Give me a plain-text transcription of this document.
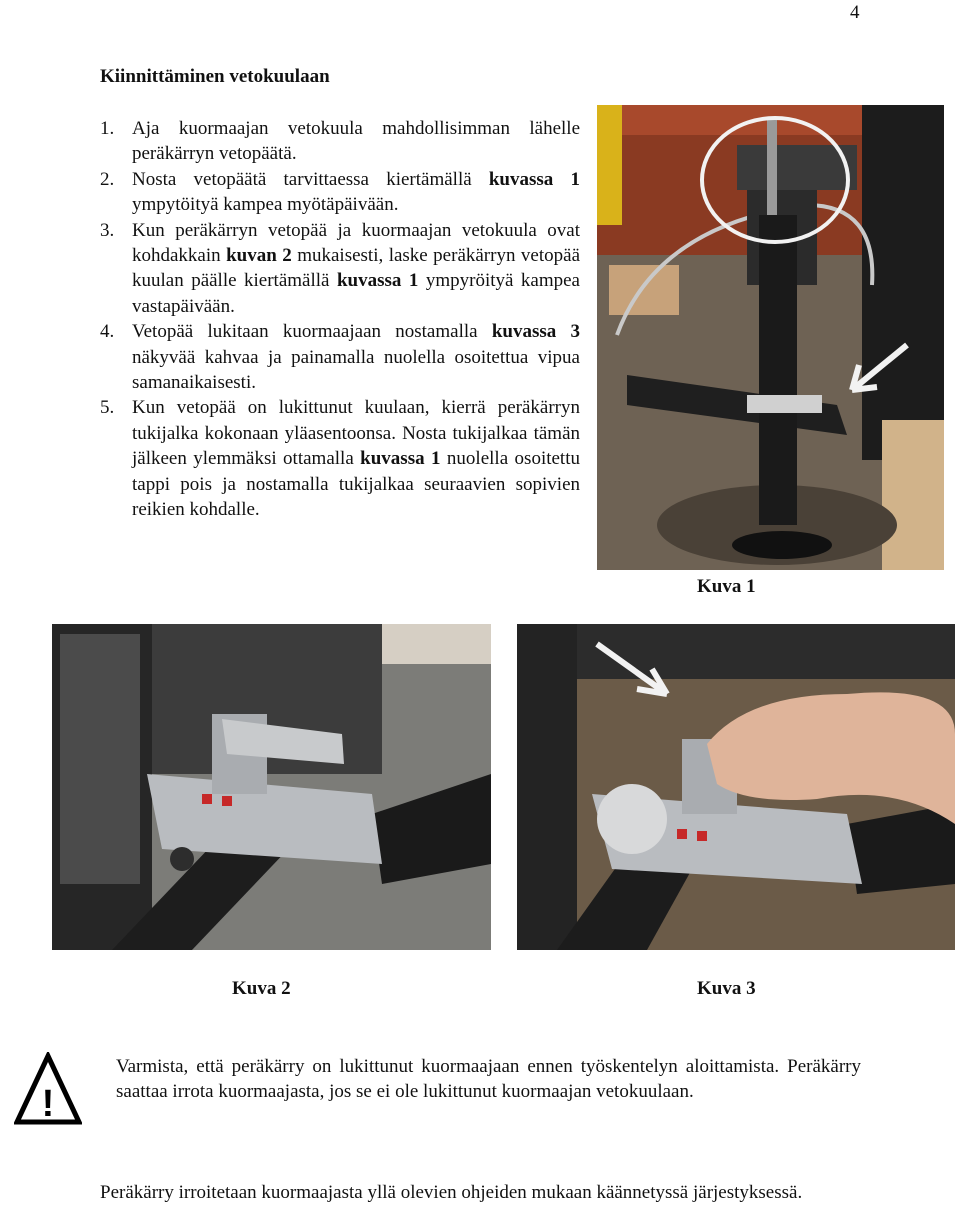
4
Kiinnittäminen vetokuulaan
1. Aja kuormaajan vetokuula mahdollisimman lähelle peräkärryn vetopäätä.
2. Nosta vetopäätä tarvittaessa kiertämällä kuvassa 1 ympytöityä kampea myötäpäivään.
3. Kun peräkärryn vetopää ja kuormaajan vetokuula ovat kohdakkain kuvan 2 mukaisesti, laske peräkärryn vetopää kuulan päälle kiertämällä kuvassa 1 ympyröityä kampea vastapäivään.
4. Vetopää lukitaan kuormaajaan nostamalla kuvassa 3 näkyvää kahvaa ja painamalla nuolella osoitettua vipua samanaikaisesti.
5. Kun vetopää on lukittunut kuulaan, kierrä peräkärryn tukijalka kokonaan yläasentoonsa. Nosta tukijalkaa tämän jälkeen ylemmäksi ottamalla kuvassa 1 nuolella osoitettu tappi pois ja nostamalla tukijalkaa seuraavien sopivien reikien kohdalle.
Kuva 1
Kuva 2	Kuva 3
!

Varmista, että peräkärry on lukittunut kuormaajaan ennen työskentelyn aloittamista. Peräkärry saattaa irrota kuormaajasta, jos se ei ole lukittunut kuormaajan vetokuulaan.

Peräkärry irroitetaan kuormaajasta yllä olevien ohjeiden mukaan käännetyssä järjestyksessä.
